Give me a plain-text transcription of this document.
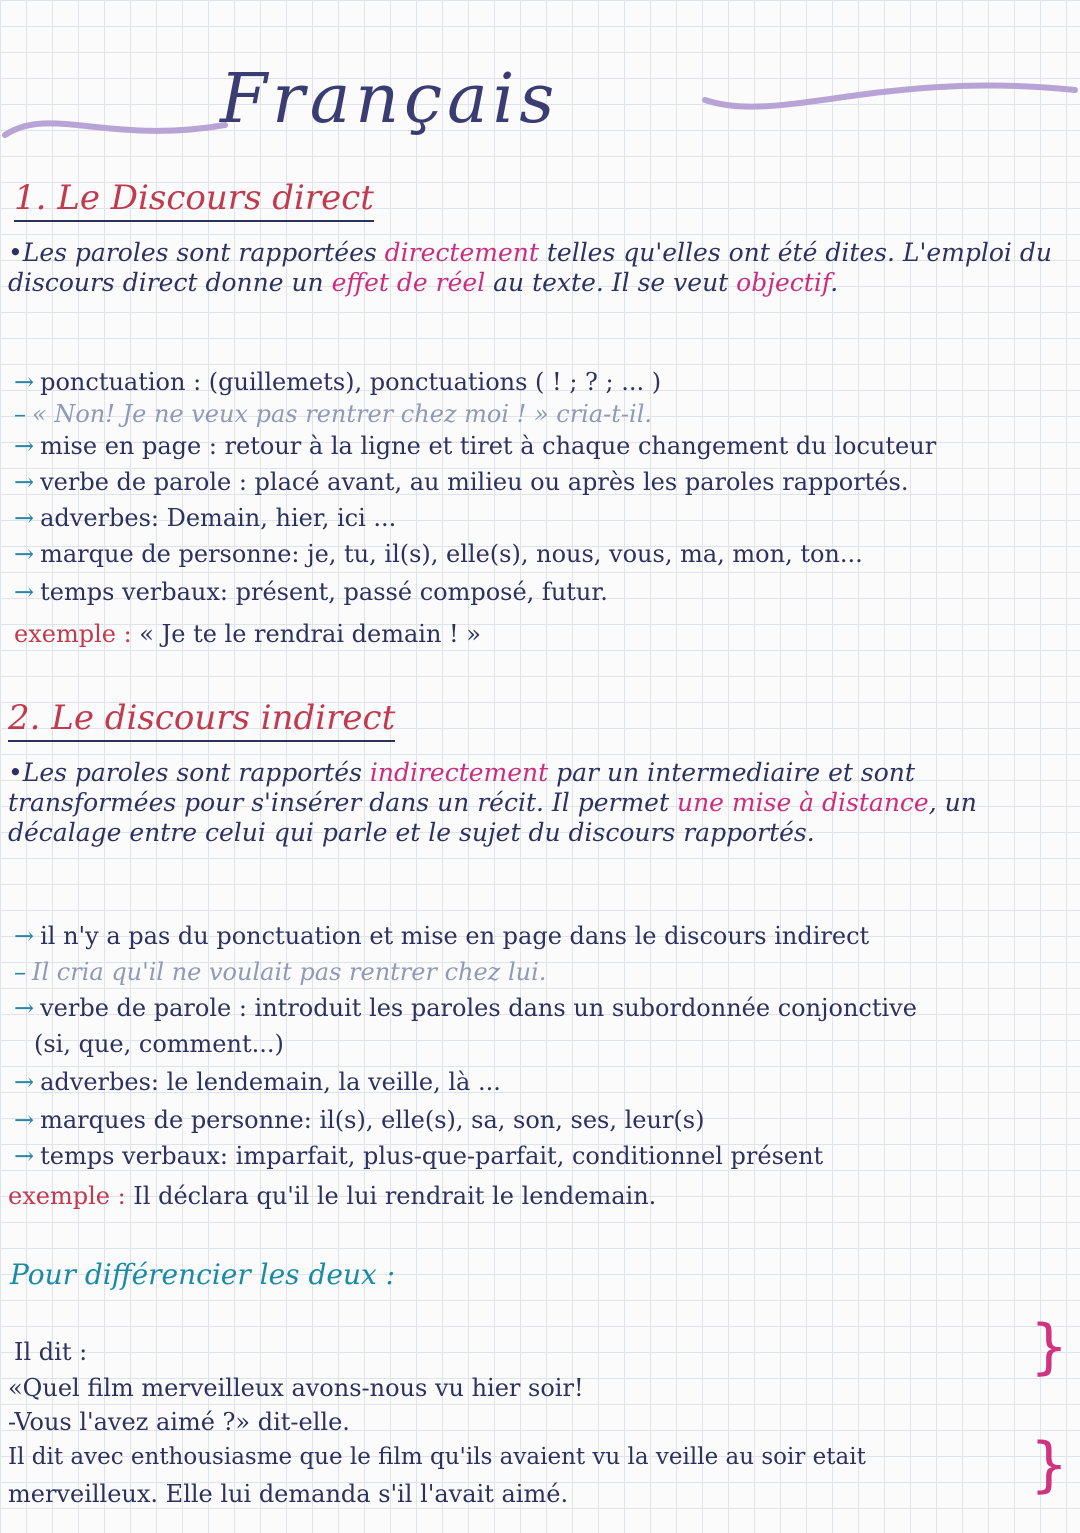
Français
1. Le Discours direct
•Les paroles sont rapportées directement telles qu'elles ont été dites. L'emploi du discours direct donne un effet de réel au texte. Il se veut objectif.
→ ponctuation : (guillemets), ponctuations ( ! ; ? ; ... )
– « Non! Je ne veux pas rentrer chez moi ! » cria-t-il.
→ mise en page : retour à la ligne et tiret à chaque changement du locuteur
→ verbe de parole : placé avant, au milieu ou après les paroles rapportés.
→ adverbes: Demain, hier, ici ...
→ marque de personne: je, tu, il(s), elle(s), nous, vous, ma, mon, ton...
→ temps verbaux: présent, passé composé, futur.
exemple : « Je te le rendrai demain ! »
2. Le discours indirect
•Les paroles sont rapportés indirectement par un intermediaire et sont transformées pour s'insérer dans un récit. Il permet une mise à distance, un décalage entre celui qui parle et le sujet du discours rapportés.
→ il n'y a pas du ponctuation et mise en page dans le discours indirect
– Il cria qu'il ne voulait pas rentrer chez lui.
→ verbe de parole : introduit les paroles dans un subordonnée conjonctive
(si, que, comment...)
→ adverbes: le lendemain, la veille, là ...
→ marques de personne: il(s), elle(s), sa, son, ses, leur(s)
→ temps verbaux: imparfait, plus-que-parfait, conditionnel présent
exemple : Il déclara qu'il le lui rendrait le lendemain.
Pour différencier les deux :
Il dit :
«Quel film merveilleux avons-nous vu hier soir!
-Vous l'avez aimé ?» dit-elle.
Il dit avec enthousiasme que le film qu'ils avaient vu la veille au soir etait
merveilleux. Elle lui demanda s'il l'avait aimé.
}
}
